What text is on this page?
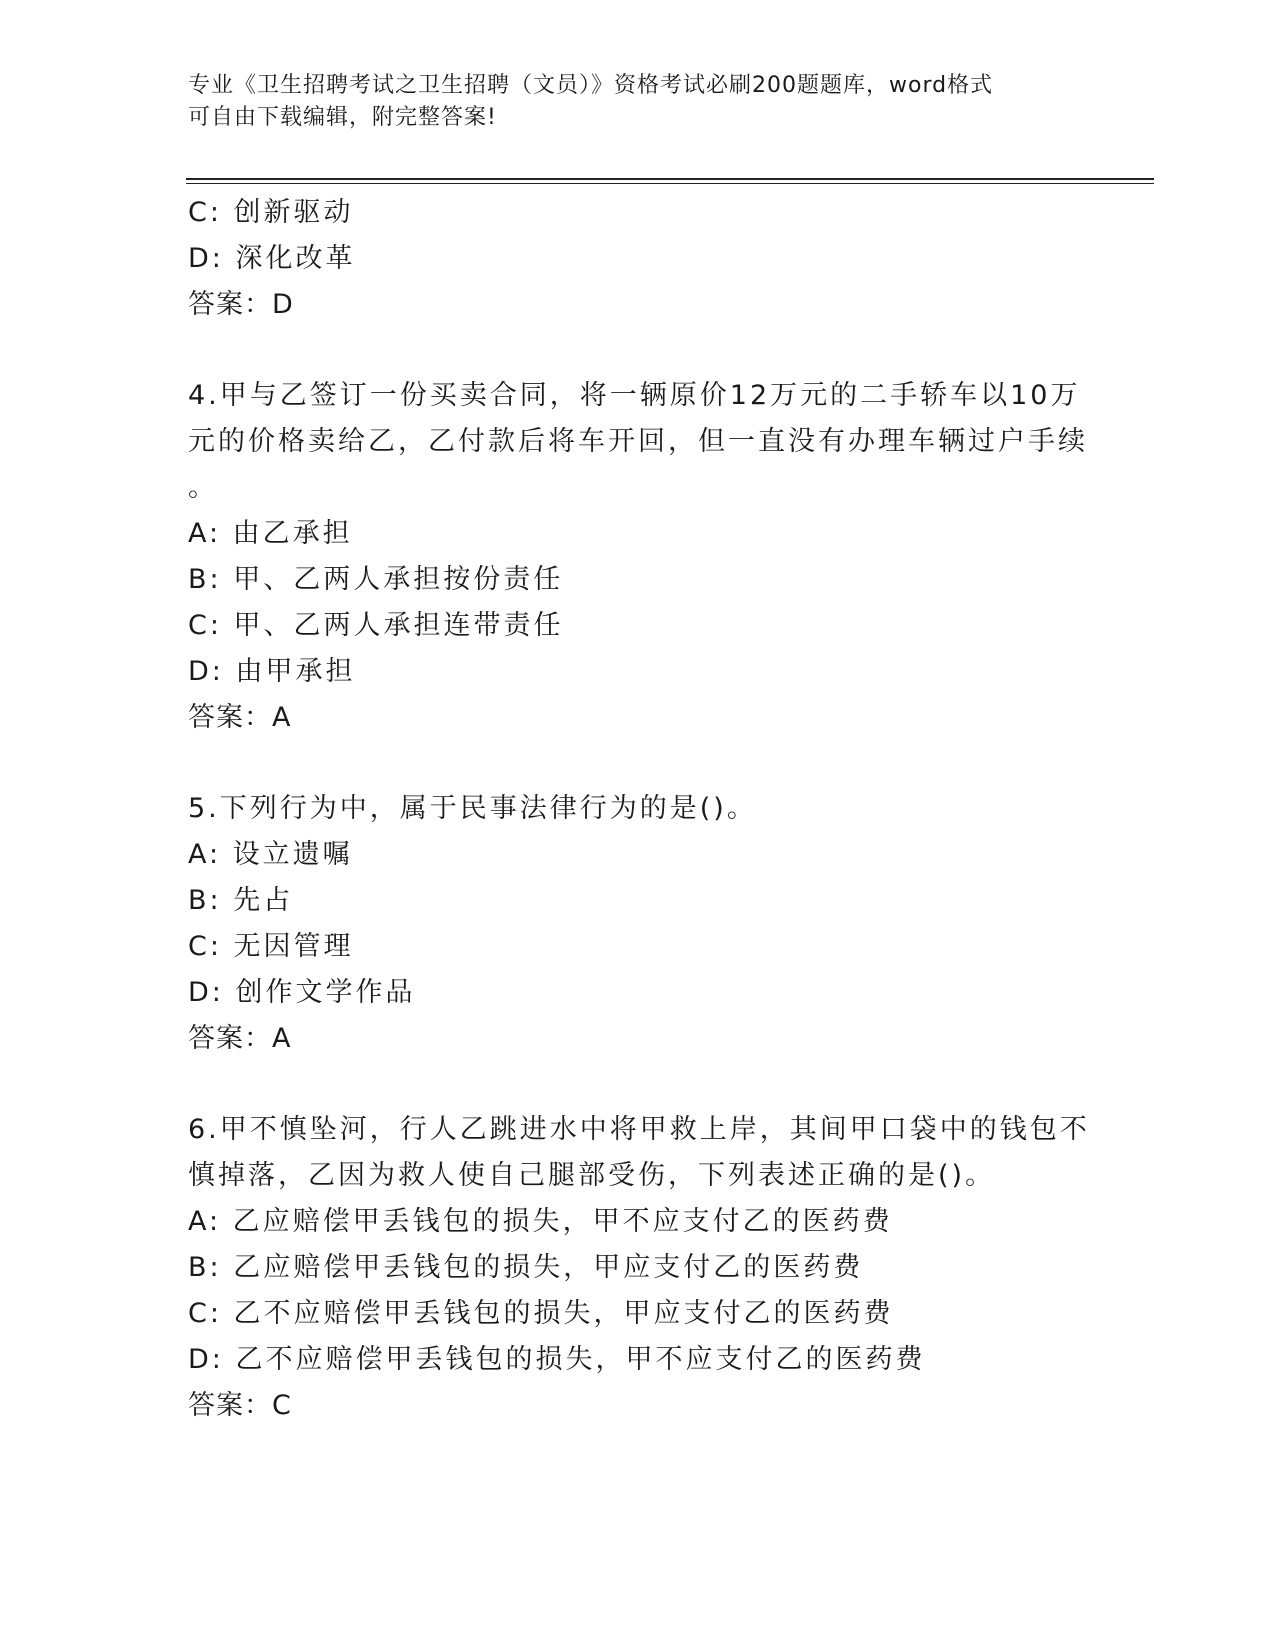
专业《卫生招聘考试之卫生招聘（文员）》资格考试必刷200题题库，word格式
可自由下载编辑，附完整答案!
C: 创新驱动
D: 深化改革
答案：D
4.甲与乙签订一份买卖合同，将一辆原价12万元的二手轿车以10万
元的价格卖给乙，乙付款后将车开回，但一直没有办理车辆过户手续
。
A: 由乙承担
B: 甲、乙两人承担按份责任
C: 甲、乙两人承担连带责任
D: 由甲承担
答案：A
5.下列行为中，属于民事法律行为的是()。
A: 设立遗嘱
B: 先占
C: 无因管理
D: 创作文学作品
答案：A
6.甲不慎坠河，行人乙跳进水中将甲救上岸，其间甲口袋中的钱包不
慎掉落，乙因为救人使自己腿部受伤，下列表述正确的是()。
A: 乙应赔偿甲丢钱包的损失，甲不应支付乙的医药费
B: 乙应赔偿甲丢钱包的损失，甲应支付乙的医药费
C: 乙不应赔偿甲丢钱包的损失，甲应支付乙的医药费
D: 乙不应赔偿甲丢钱包的损失，甲不应支付乙的医药费
答案：C
